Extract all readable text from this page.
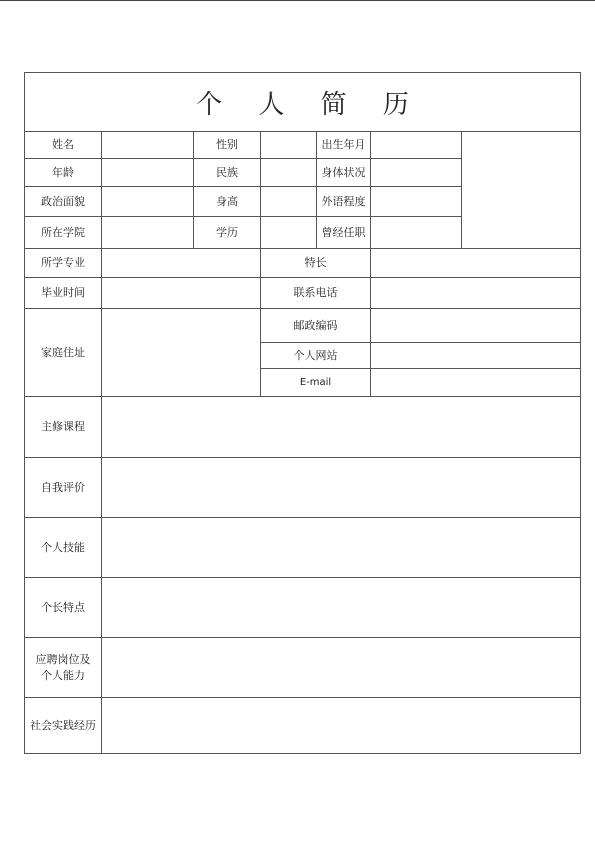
个 人 简 历
姓名	性别	出生年月
年龄	民族	身体状况
政治面貌	身高	外语程度
所在学院	学历	曾经任职
所学专业	特长
毕业时间	联系电话
家庭住址
邮政编码
个人网站
E-mail
主修课程
自我评价
个人技能
个长特点
应聘岗位及
个人能力
社会实践经历
